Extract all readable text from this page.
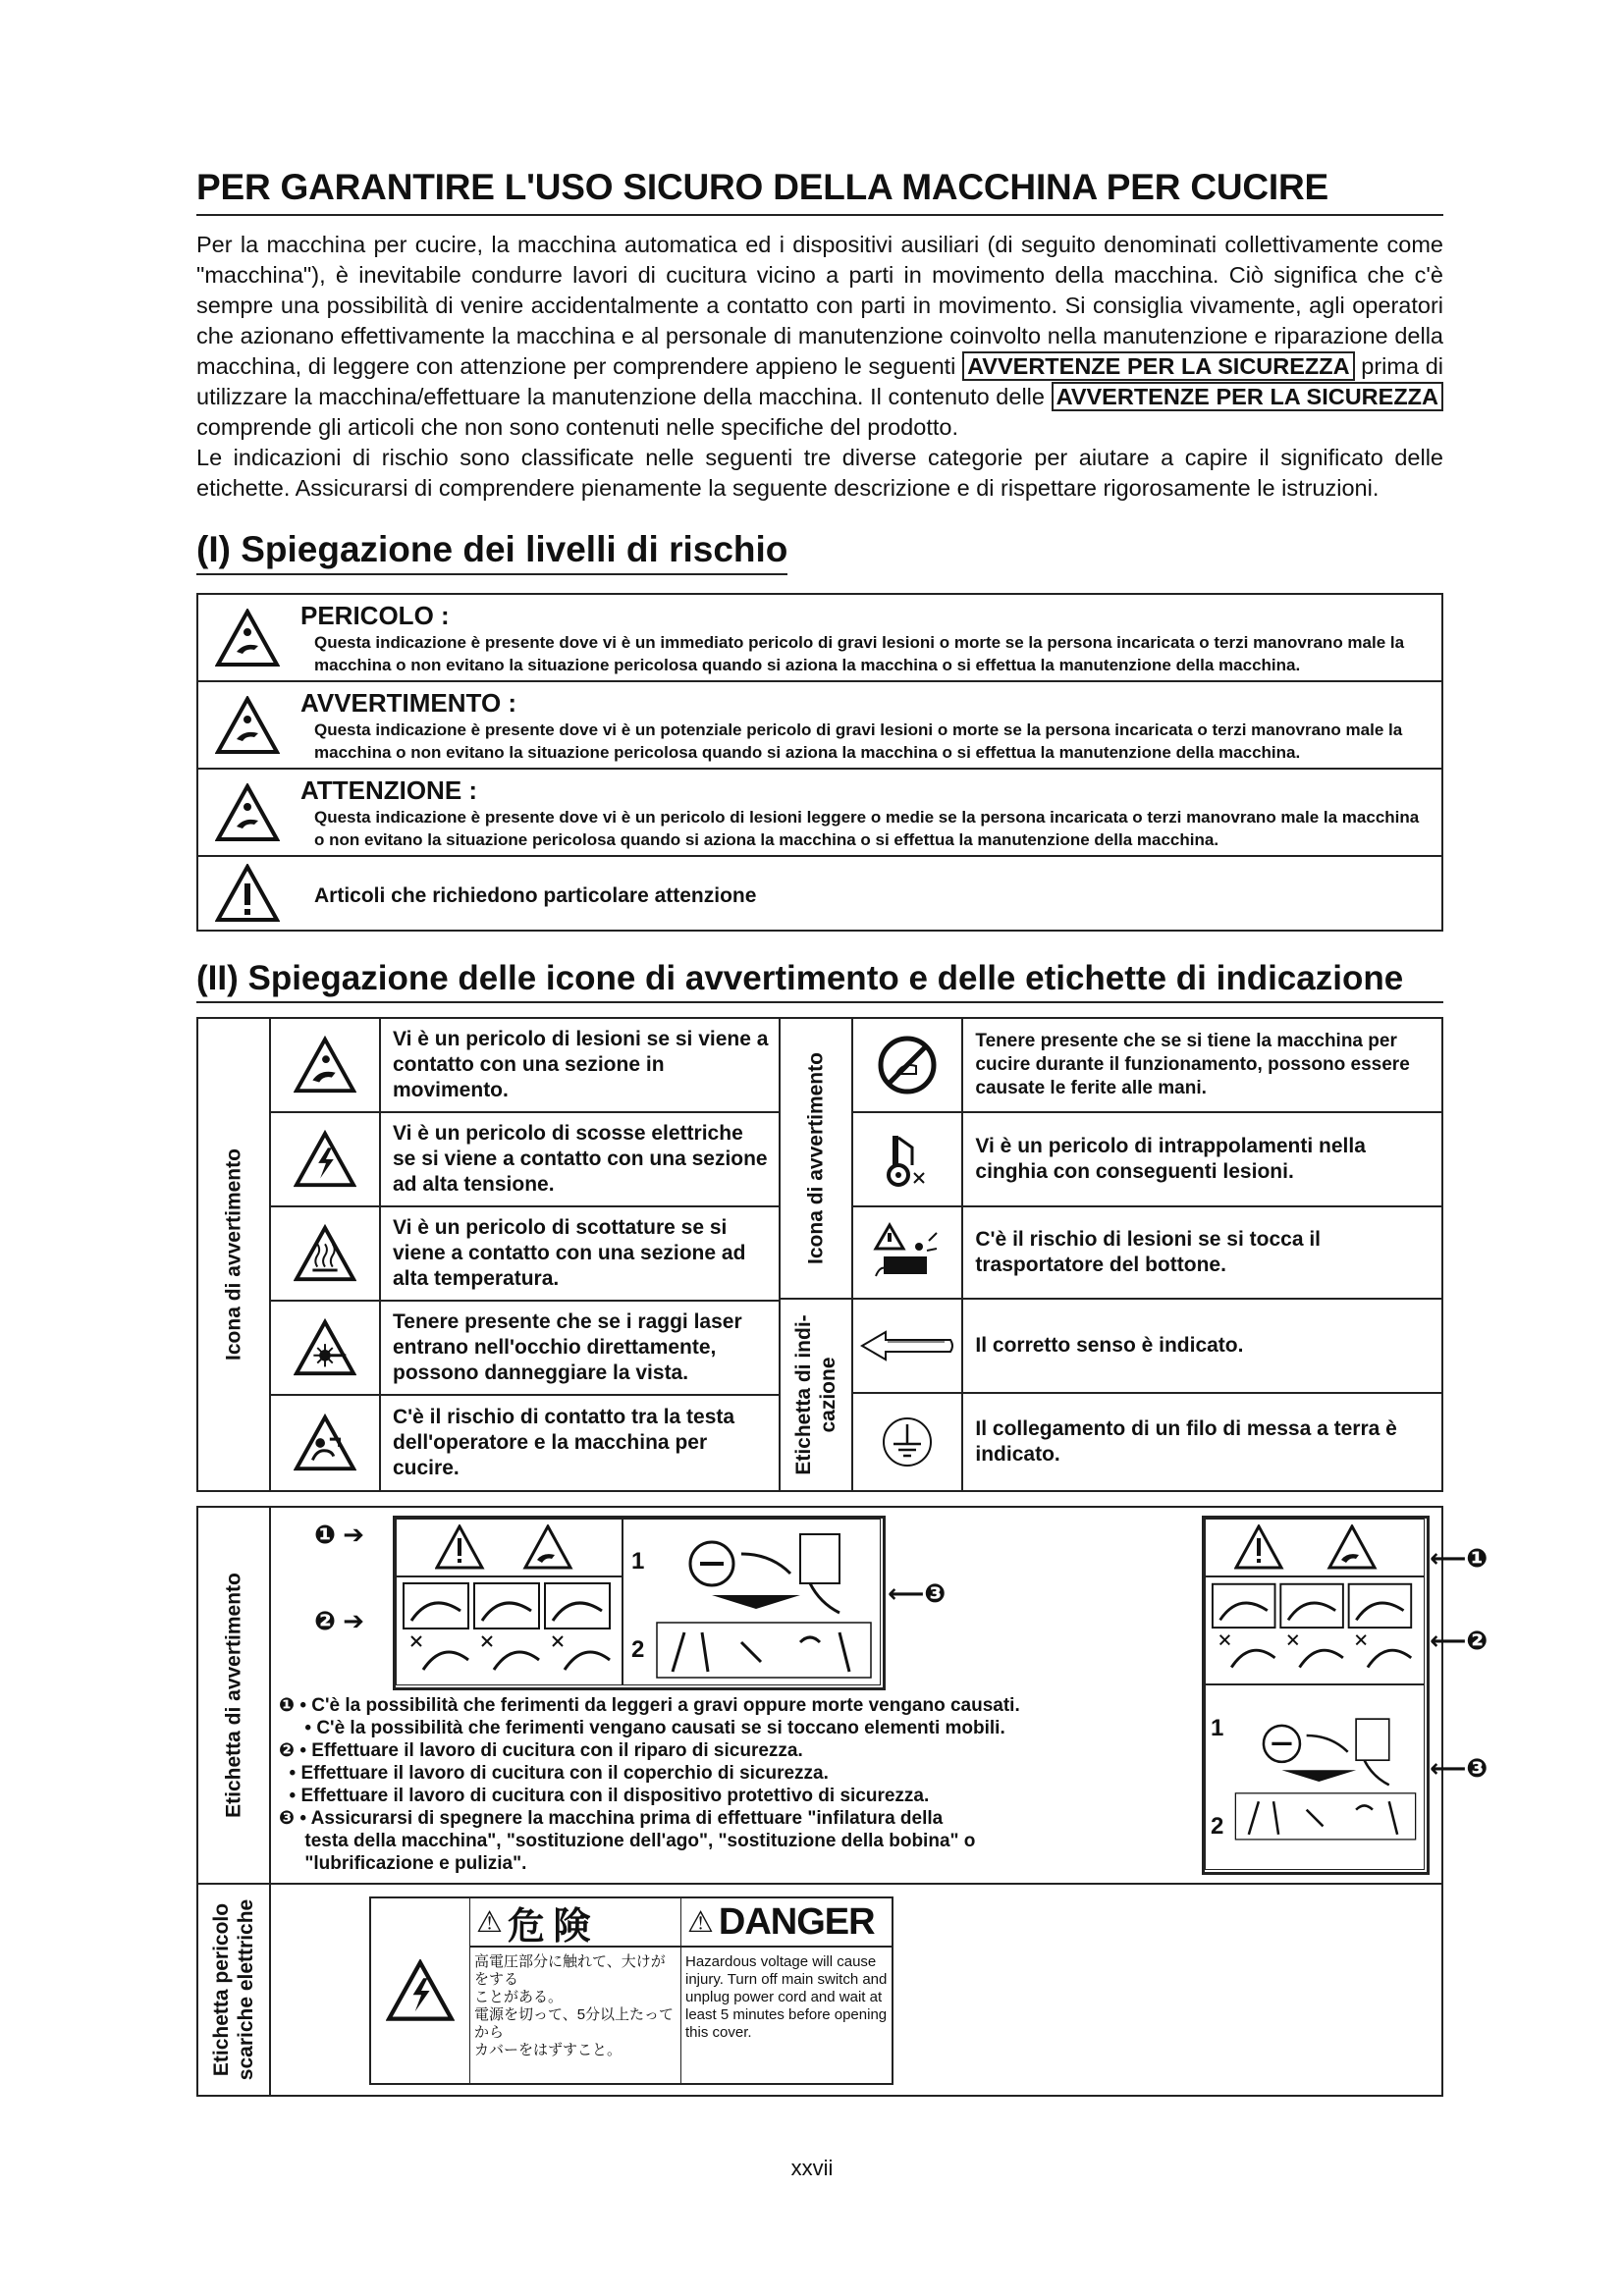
PER GARANTIRE L'USO SICURO DELLA MACCHINA PER CUCIRE

Per la macchina per cucire, la macchina automatica ed i dispositivi ausiliari (di seguito denominati collettivamente come "macchina"), è inevitabile condurre lavori di cucitura vicino a parti in movimento della macchina. Ciò significa che c'è sempre una possibilità di venire accidentalmente a contatto con parti in movimento. Si consiglia vivamente, agli operatori che azionano effettivamente la macchina e al personale di manutenzione coinvolto nella manutenzione e riparazione della macchina, di leggere con attenzione per comprendere appieno le seguenti AVVERTENZE PER LA SICUREZZA prima di utilizzare la macchina/effettuare la manutenzione della macchina. Il contenuto delle AVVERTENZE PER LA SICUREZZA comprende gli articoli che non sono contenuti nelle specifiche del prodotto.

Le indicazioni di rischio sono classificate nelle seguenti tre diverse categorie per aiutare a capire il significato delle etichette. Assicurarsi di comprendere pienamente la seguente descrizione e di rispettare rigorosamente le istruzioni.

(I) Spiegazione dei livelli di rischio
PERICOLO :
Questa indicazione è presente dove vi è un immediato pericolo di gravi lesioni o morte se la persona incaricata o terzi manovrano male la macchina o non evitano la situazione pericolosa quando si aziona la macchina o si effettua la manutenzione della macchina.
AVVERTIMENTO :
Questa indicazione è presente dove vi è un potenziale pericolo di gravi lesioni o morte se la persona incaricata o terzi manovrano male la macchina o non evitano la situazione pericolosa quando si aziona la macchina o si effettua la manutenzione della macchina.
ATTENZIONE :
Questa indicazione è presente dove vi è un pericolo di lesioni leggere o medie se la persona incaricata o terzi manovrano male la macchina o non evitano la situazione pericolosa quando si aziona la macchina o si effettua la manutenzione della macchina.
Articoli che richiedono particolare attenzione
(II) Spiegazione delle icone di avvertimento e delle etichette di indicazione
Icona di avvertimento
Vi è un pericolo di lesioni se si viene a contatto con una sezione in movimento.
Vi è un pericolo di scosse elettriche se si viene a contatto con una sezione ad alta tensione.
Vi è un pericolo di scottature se si viene a contatto con una sezione ad alta temperatura.
Tenere presente che se i raggi laser entrano nell'occhio direttamente, possono danneggiare la vista.
C'è il rischio di contatto tra la testa dell'operatore e la macchina per cucire.
Icona di avvertimento
Tenere presente che se si tiene la macchina per cucire durante il funzionamento, possono essere causate le ferite alle mani.
Vi è un pericolo di intrappolamenti nella cinghia con conseguenti lesioni.
C'è il rischio di lesioni se si tocca il trasportatore del bottone.
Etichetta di indi- cazione
Il corretto senso è indicato.
Il collegamento di un filo di messa a terra è indicato.
Etichetta di avvertimento
❶ ➔
❷ ➔
1
2
⟵❸
1
2
⟵❶
⟵❷
⟵❸
❶ • C'è la possibilità che ferimenti da leggeri a gravi oppure morte vengano causati.
• C'è la possibilità che ferimenti vengano causati se si toccano elementi mobili.
❷ • Effettuare il lavoro di cucitura con il riparo di sicurezza.
• Effettuare il lavoro di cucitura con il coperchio di sicurezza.
• Effettuare il lavoro di cucitura con il dispositivo protettivo di sicurezza.
❸ • Assicurarsi di spegnere la macchina prima di effettuare "infilatura della
testa della macchina", "sostituzione dell'ago", "sostituzione della bobina" o
"lubrificazione e pulizia".
Etichetta pericolo scariche elettriche	⚠ 危 険
高電圧部分に触れて、大けがをする
ことがある。
電源を切って、5分以上たってから
カバーをはずすこと。
⚠ DANGER
Hazardous voltage will cause injury. Turn off main switch and unplug power cord and wait at least 5 minutes before opening this cover.
xxvii
